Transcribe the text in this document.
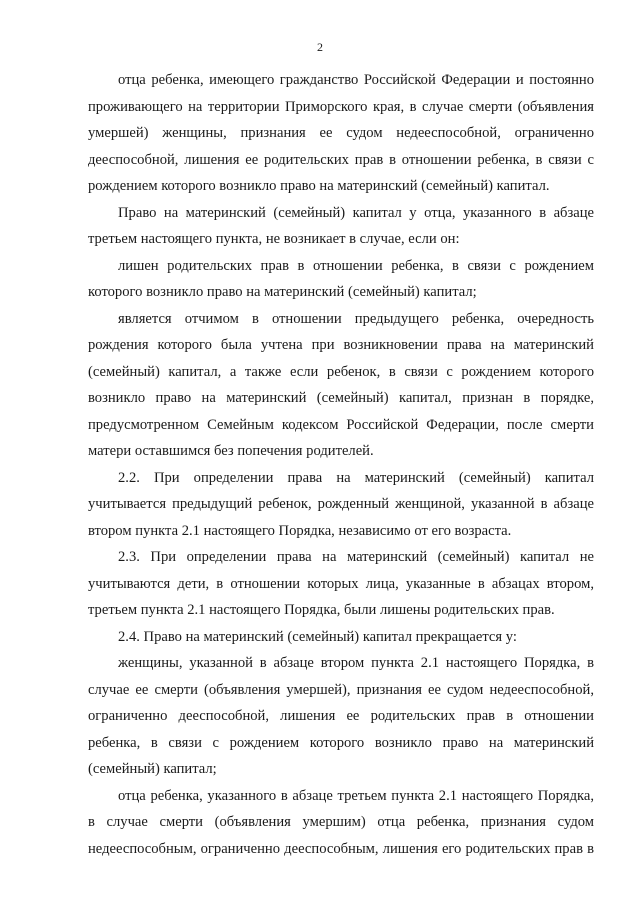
2

отца ребенка, имеющего гражданство Российской Федерации и постоянно проживающего на территории Приморского края, в случае смерти (объявления умершей) женщины, признания ее судом недееспособной, ограниченно дееспособной, лишения ее родительских прав в отношении ребенка, в связи с рождением которого возникло право на материнский (семейный) капитал.

Право на материнский (семейный) капитал у отца, указанного в абзаце третьем настоящего пункта, не возникает в случае, если он:

лишен родительских прав в отношении ребенка, в связи с рождением которого возникло право на материнский (семейный) капитал;

является отчимом в отношении предыдущего ребенка, очередность рождения которого была учтена при возникновении права на материнский (семейный) капитал, а также если ребенок, в связи с рождением которого возникло право на материнский (семейный) капитал, признан в порядке, предусмотренном Семейным кодексом Российской Федерации, после смерти матери оставшимся без попечения родителей.

2.2. При определении права на материнский (семейный) капитал учитывается предыдущий ребенок, рожденный женщиной, указанной в абзаце втором пункта 2.1 настоящего Порядка, независимо от его возраста.

2.3. При определении права на материнский (семейный) капитал не учитываются дети, в отношении которых лица, указанные в абзацах втором, третьем пункта 2.1 настоящего Порядка, были лишены родительских прав.

2.4. Право на материнский (семейный) капитал прекращается у:

женщины, указанной в абзаце втором пункта 2.1 настоящего Порядка, в случае ее смерти (объявления умершей), признания ее судом недееспособной, ограниченно дееспособной, лишения ее родительских прав в отношении ребенка, в связи с рождением которого возникло право на материнский (семейный) капитал;

отца ребенка, указанного в абзаце третьем пункта 2.1 настоящего Порядка, в случае смерти (объявления умершим) отца ребенка, признания судом недееспособным, ограниченно дееспособным, лишения его родительских прав в
